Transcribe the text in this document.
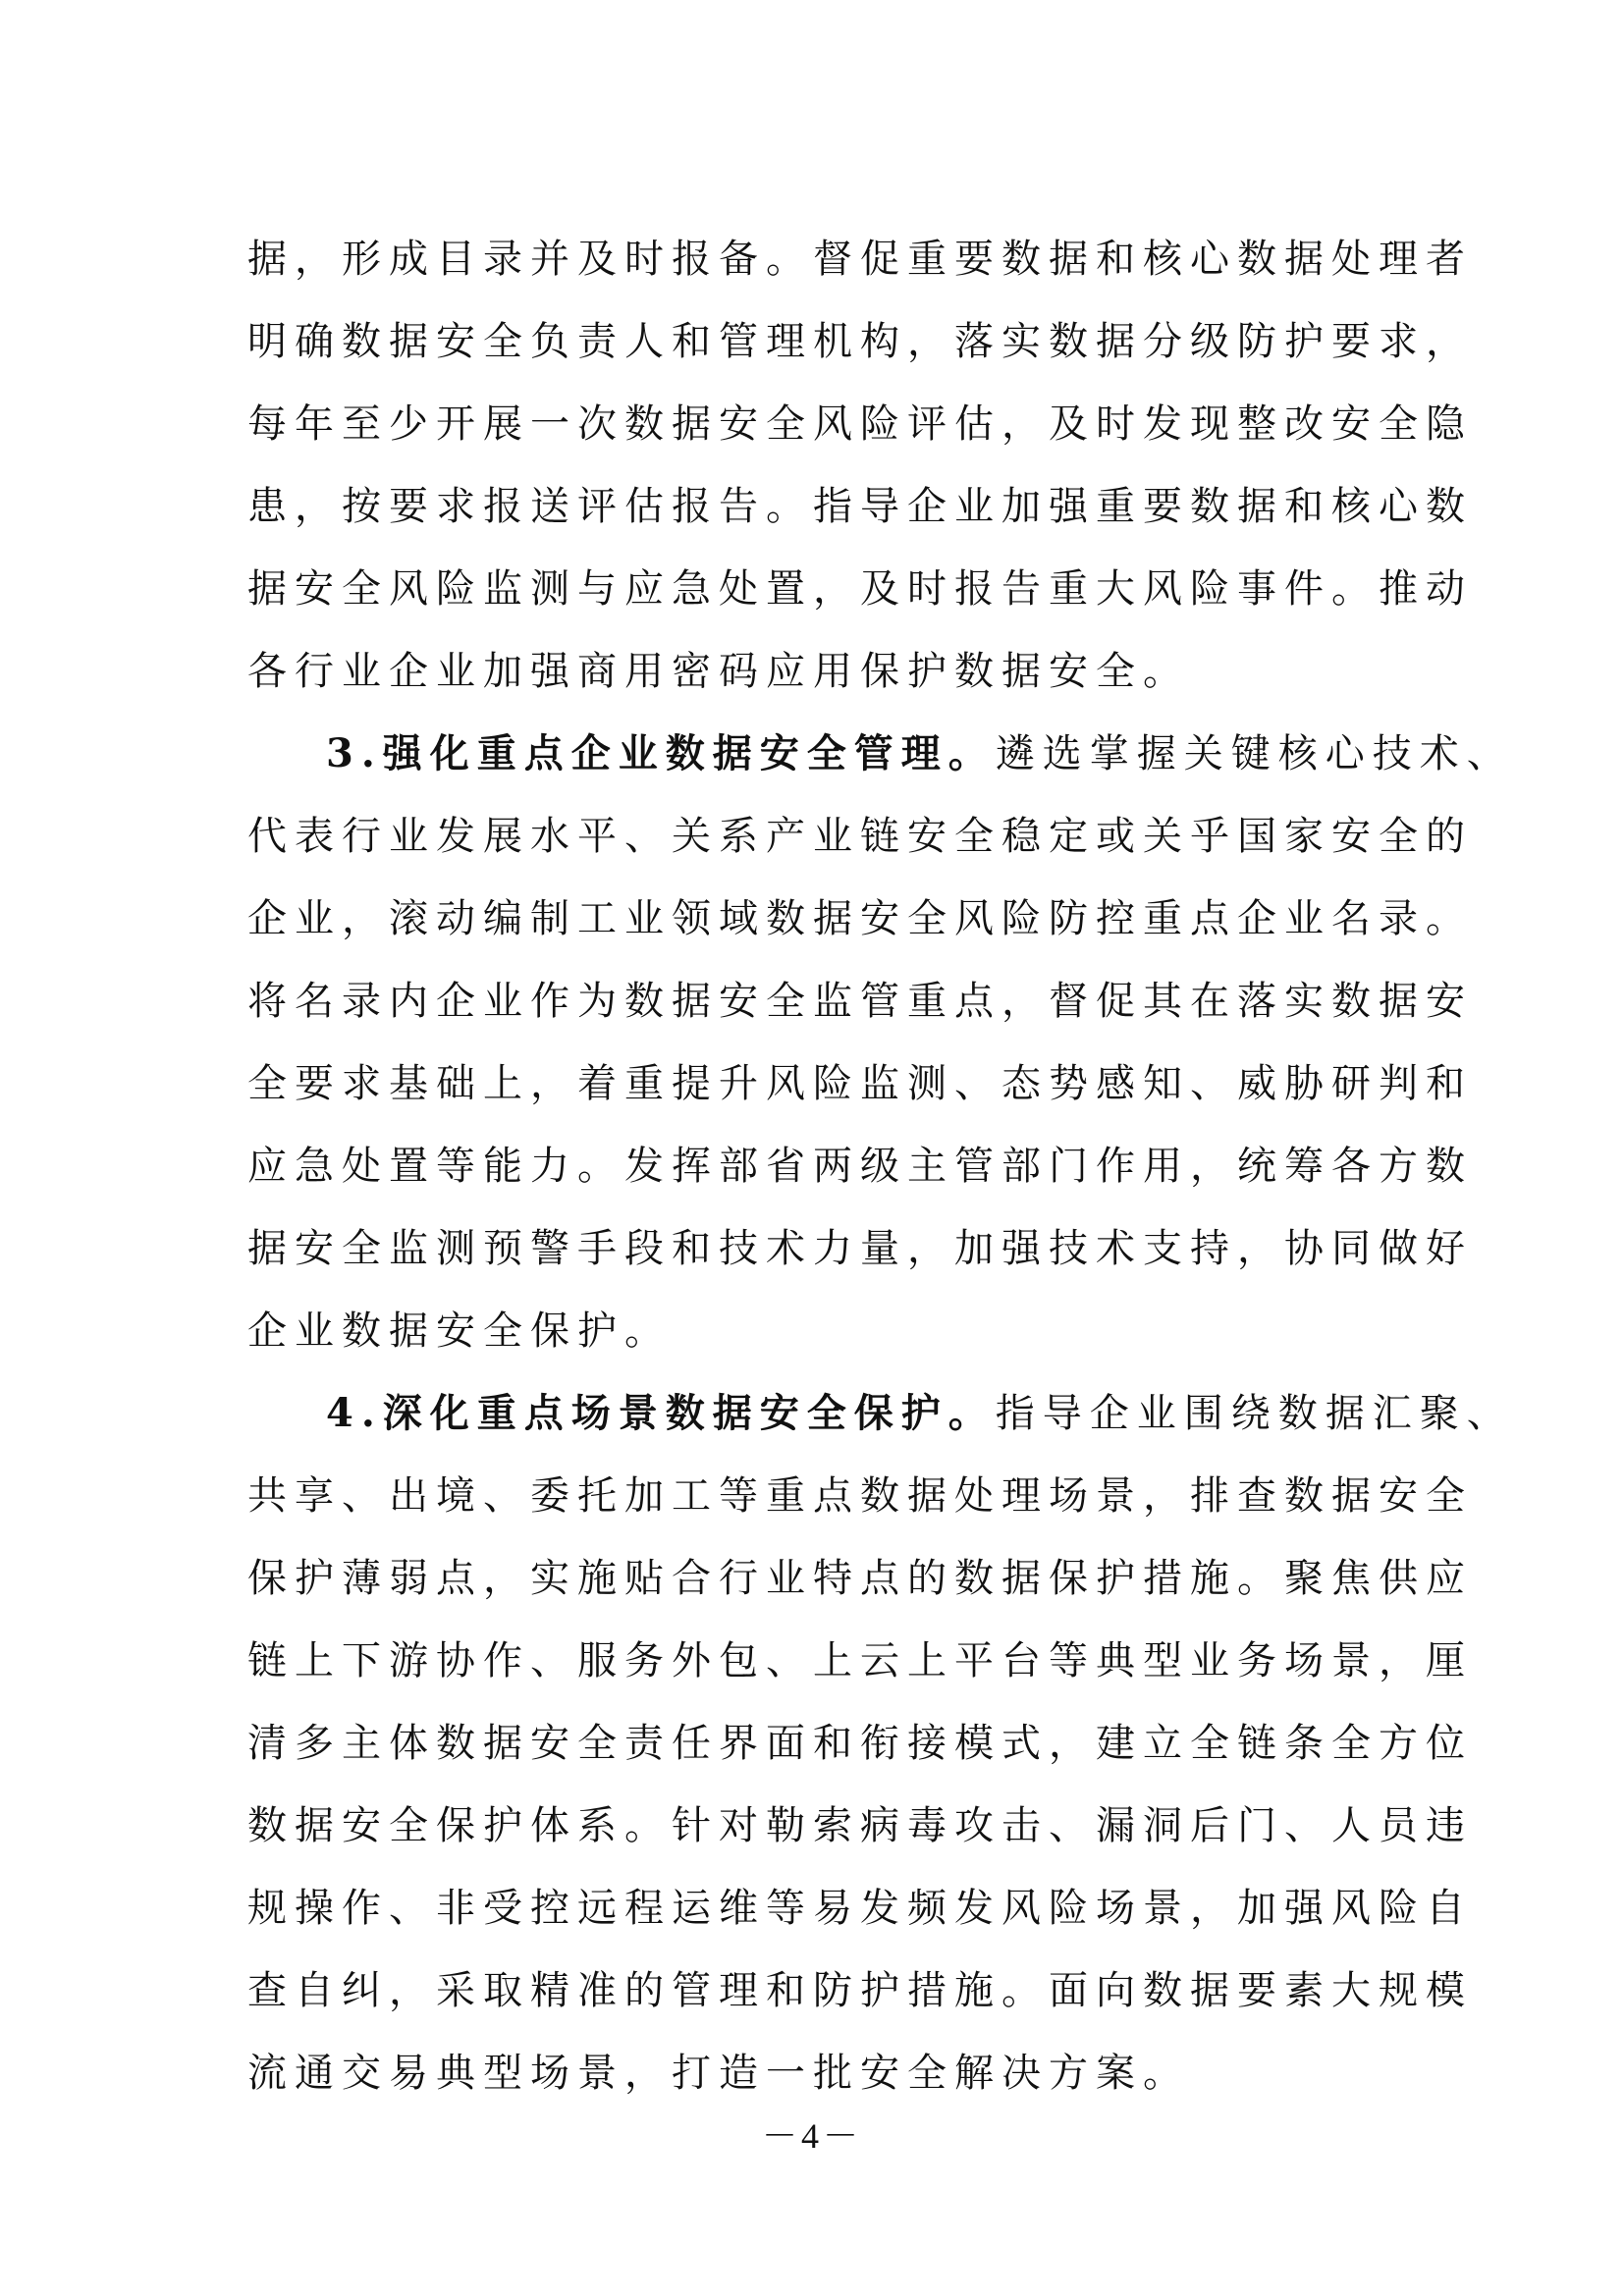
据，形成目录并及时报备。督促重要数据和核心数据处理者
明确数据安全负责人和管理机构，落实数据分级防护要求，
每年至少开展一次数据安全风险评估，及时发现整改安全隐
患，按要求报送评估报告。指导企业加强重要数据和核心数
据安全风险监测与应急处置，及时报告重大风险事件。推动
各行业企业加强商用密码应用保护数据安全。
3.强化重点企业数据安全管理。遴选掌握关键核心技术、
代表行业发展水平、关系产业链安全稳定或关乎国家安全的
企业，滚动编制工业领域数据安全风险防控重点企业名录。
将名录内企业作为数据安全监管重点，督促其在落实数据安
全要求基础上，着重提升风险监测、态势感知、威胁研判和
应急处置等能力。发挥部省两级主管部门作用，统筹各方数
据安全监测预警手段和技术力量，加强技术支持，协同做好
企业数据安全保护。
4.深化重点场景数据安全保护。指导企业围绕数据汇聚、
共享、出境、委托加工等重点数据处理场景，排查数据安全
保护薄弱点，实施贴合行业特点的数据保护措施。聚焦供应
链上下游协作、服务外包、上云上平台等典型业务场景，厘
清多主体数据安全责任界面和衔接模式，建立全链条全方位
数据安全保护体系。针对勒索病毒攻击、漏洞后门、人员违
规操作、非受控远程运维等易发频发风险场景，加强风险自
查自纠，采取精准的管理和防护措施。面向数据要素大规模
流通交易典型场景，打造一批安全解决方案。
－4－
